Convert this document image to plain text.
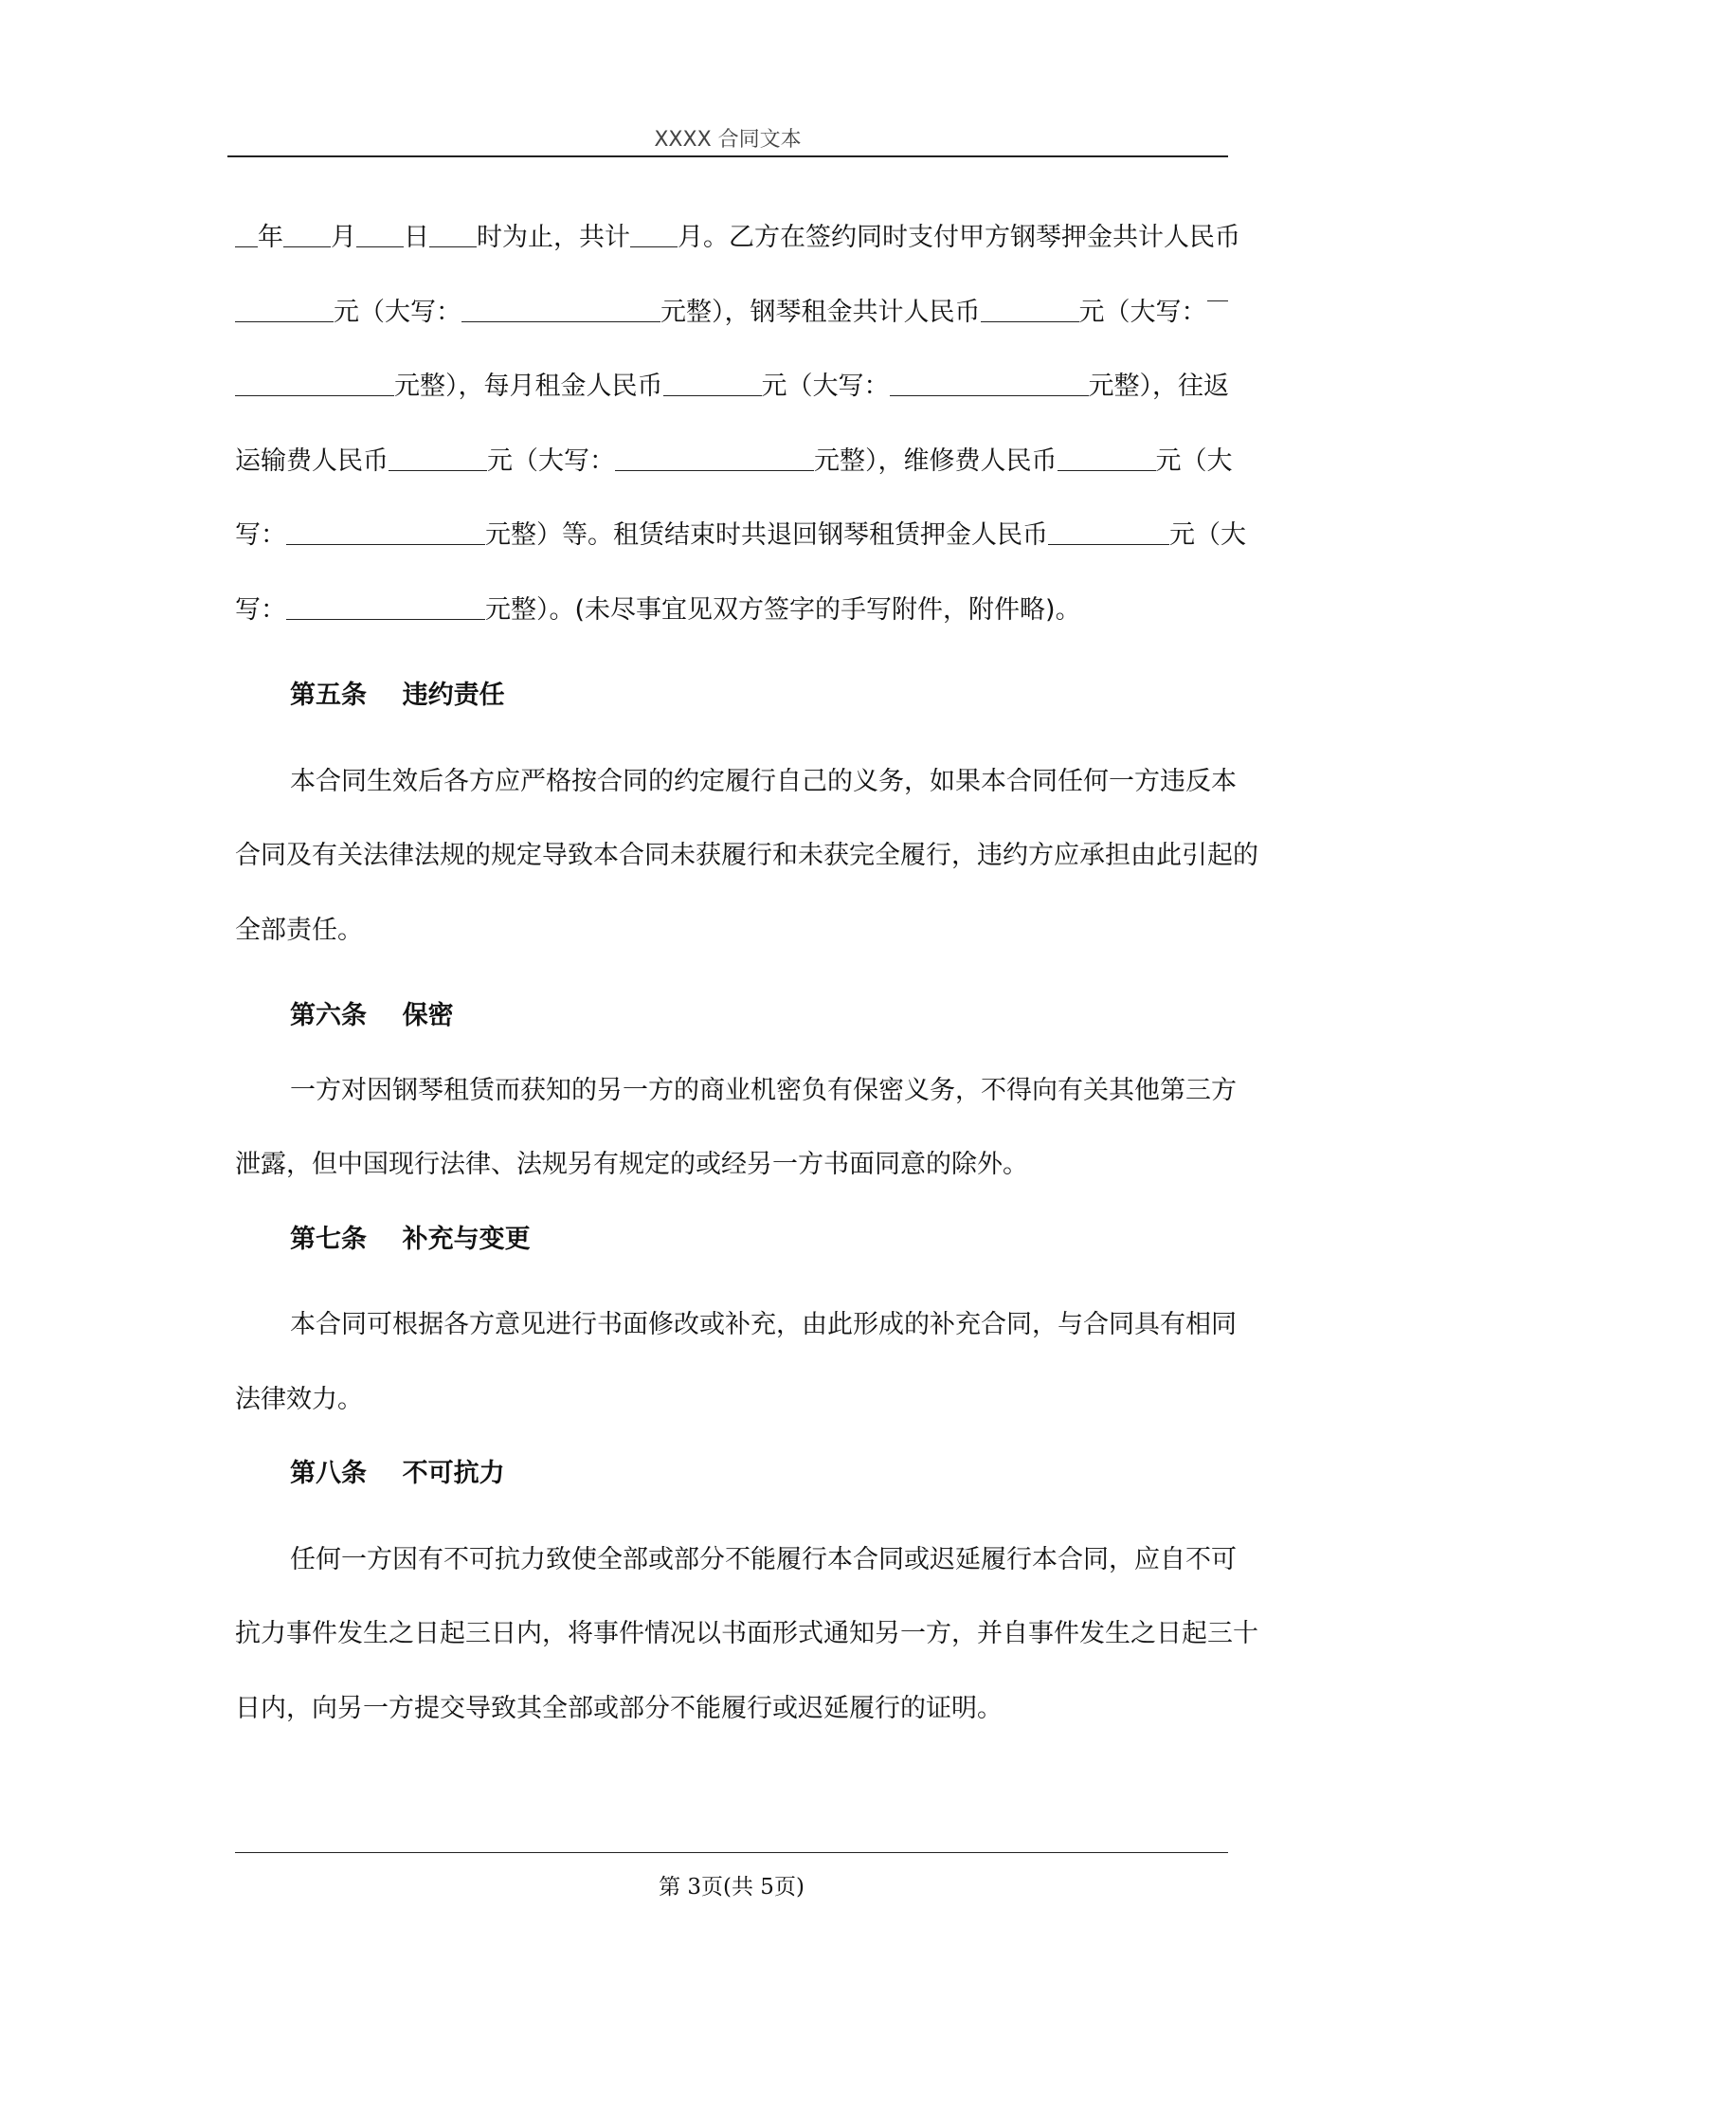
XXXX 合同文本
年 月 日 时为止，共计 月。乙方在签约同时支付甲方钢琴押金共计人民币
元（大写：	元整），钢琴租金共计人民币	元（大写：
元整），每月租金人民币	元（大写：	元整），往返
运输费人民币	元（大写：	元整），维修费人民币	元（大
写：	元整）等。租赁结束时共退回钢琴租赁押金人民币	元（大
写：	元整）。(未尽事宜见双方签字的手写附件，附件略)。
第五条    违约责任
本合同生效后各方应严格按合同的约定履行自己的义务，如果本合同任何一方违反本
合同及有关法律法规的规定导致本合同未获履行和未获完全履行，违约方应承担由此引起的
全部责任。
第六条    保密
一方对因钢琴租赁而获知的另一方的商业机密负有保密义务，不得向有关其他第三方
泄露，但中国现行法律、法规另有规定的或经另一方书面同意的除外。
第七条    补充与变更
本合同可根据各方意见进行书面修改或补充，由此形成的补充合同，与合同具有相同
法律效力。
第八条    不可抗力
任何一方因有不可抗力致使全部或部分不能履行本合同或迟延履行本合同，应自不可
抗力事件发生之日起三日内，将事件情况以书面形式通知另一方，并自事件发生之日起三十
日内，向另一方提交导致其全部或部分不能履行或迟延履行的证明。
第 3页(共 5页)
